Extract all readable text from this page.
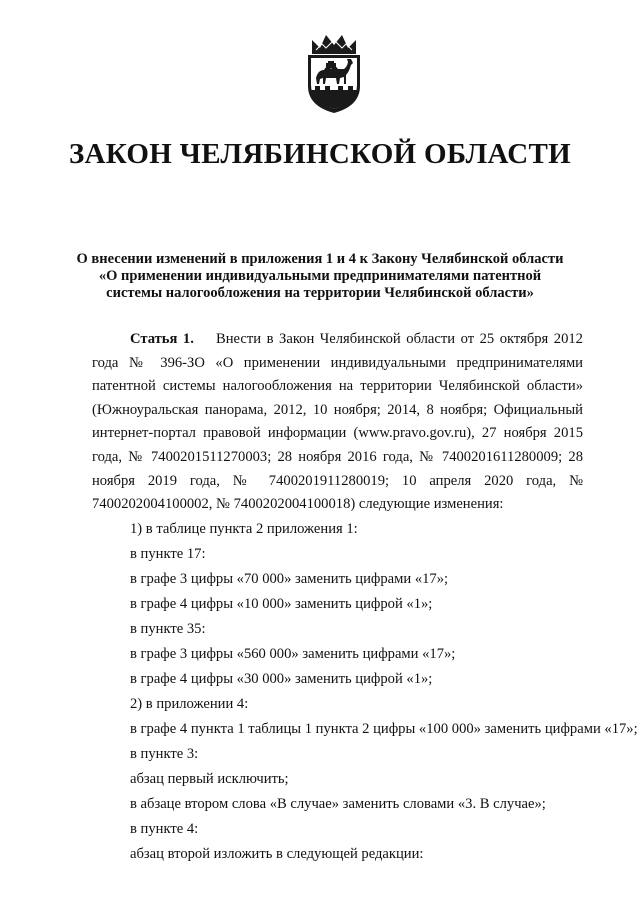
ЗАКОН ЧЕЛЯБИНСКОЙ ОБЛАСТИ
О внесении изменений в приложения 1 и 4 к Закону Челябинской области
«О применении индивидуальными предпринимателями патентной
системы налогообложения на территории Челябинской области»

Статья 1. Внести в Закон Челябинской области от 25 октября 2012 года № 396-ЗО «О применении индивидуальными предпринимателями патентной системы налогообложения на территории Челябинской области» (Южноуральская панорама, 2012, 10 ноября; 2014, 8 ноября; Официальный интернет-портал правовой информации (www.pravo.gov.ru), 27 ноября 2015 года, № 7400201511270003; 28 ноября 2016 года, № 7400201611280009; 28 ноября 2019 года, № 7400201911280019; 10 апреля 2020 года, № 7400202004100002, № 7400202004100018) следующие изменения:

1) в таблице пункта 2 приложения 1:

в пункте 17:

в графе 3 цифры «70 000» заменить цифрами «17»;

в графе 4 цифры «10 000» заменить цифрой «1»;

в пункте 35:

в графе 3 цифры «560 000» заменить цифрами «17»;

в графе 4 цифры «30 000» заменить цифрой «1»;

2) в приложении 4:

в графе 4 пункта 1 таблицы 1 пункта 2 цифры «100 000» заменить цифрами «17»;

в пункте 3:

абзац первый исключить;

в абзаце втором слова «В случае» заменить словами «3. В случае»;

в пункте 4:

абзац второй изложить в следующей редакции:
